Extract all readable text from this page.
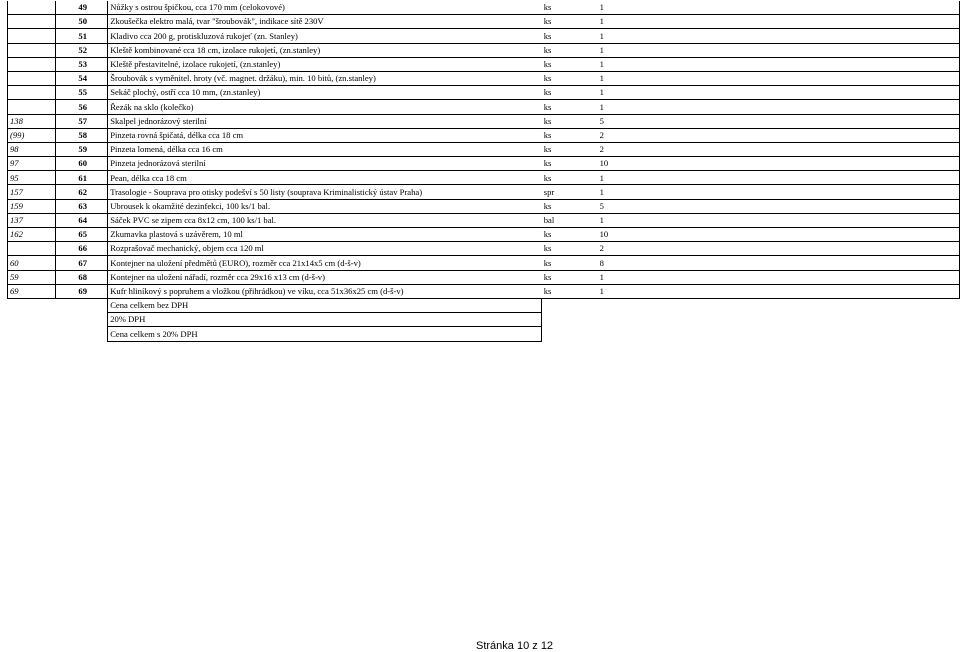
	49	Nůžky s ostrou špičkou, cca 170 mm (celokovové)	ks	1	
	50	Zkoušečka elektro malá, tvar "šroubovák", indikace sítě 230V	ks	1	
	51	Kladivo cca 200 g, protiskluzová rukojeť (zn. Stanley)	ks	1	
	52	Kleště kombinované cca 18 cm, izolace rukojetí, (zn.stanley)	ks	1	
	53	Kleště přestavitelné, izolace rukojetí, (zn.stanley)	ks	1	
	54	Šroubovák s vyměnitel. hroty (vč. magnet. držáku), min. 10 bitů, (zn.stanley)	ks	1	
	55	Sekáč plochý, ostří cca 10 mm, (zn.stanley)	ks	1	
	56	Řezák na sklo (kolečko)	ks	1	
138	57	Skalpel jednorázový sterilní	ks	5	
(99)	58	Pinzeta rovná špičatá, délka cca 18 cm	ks	2	
98	59	Pinzeta lomená, délka cca 16 cm	ks	2	
97	60	Pinzeta jednorázová sterilní	ks	10	
95	61	Pean, délka cca 18 cm	ks	1	
157	62	Trasologie - Souprava pro otisky podešví s 50 listy (souprava Kriminalistický ústav Praha)	spr	1	
159	63	Ubrousek k okamžité dezinfekci, 100 ks/1 bal.	ks	5	
137	64	Sáček PVC se zipem cca 8x12 cm, 100 ks/1 bal.	bal	1	
162	65	Zkumavka plastová s uzávěrem, 10 ml	ks	10	
	66	Rozprašovač mechanický, objem cca 120 ml	ks	2	
60	67	Kontejner na uložení předmětů (EURO), rozměr cca 21x14x5 cm (d-š-v)	ks	8	
59	68	Kontejner na uložení nářadí, rozměr cca 29x16 x13 cm (d-š-v)	ks	1	
69	69	Kufr hliníkový s popruhem a vložkou (přihrádkou) ve víku, cca 51x36x25 cm (d-š-v)	ks	1	
		Cena celkem bez DPH			
		20% DPH			
		Cena celkem s 20% DPH			
Stránka 10 z 12
